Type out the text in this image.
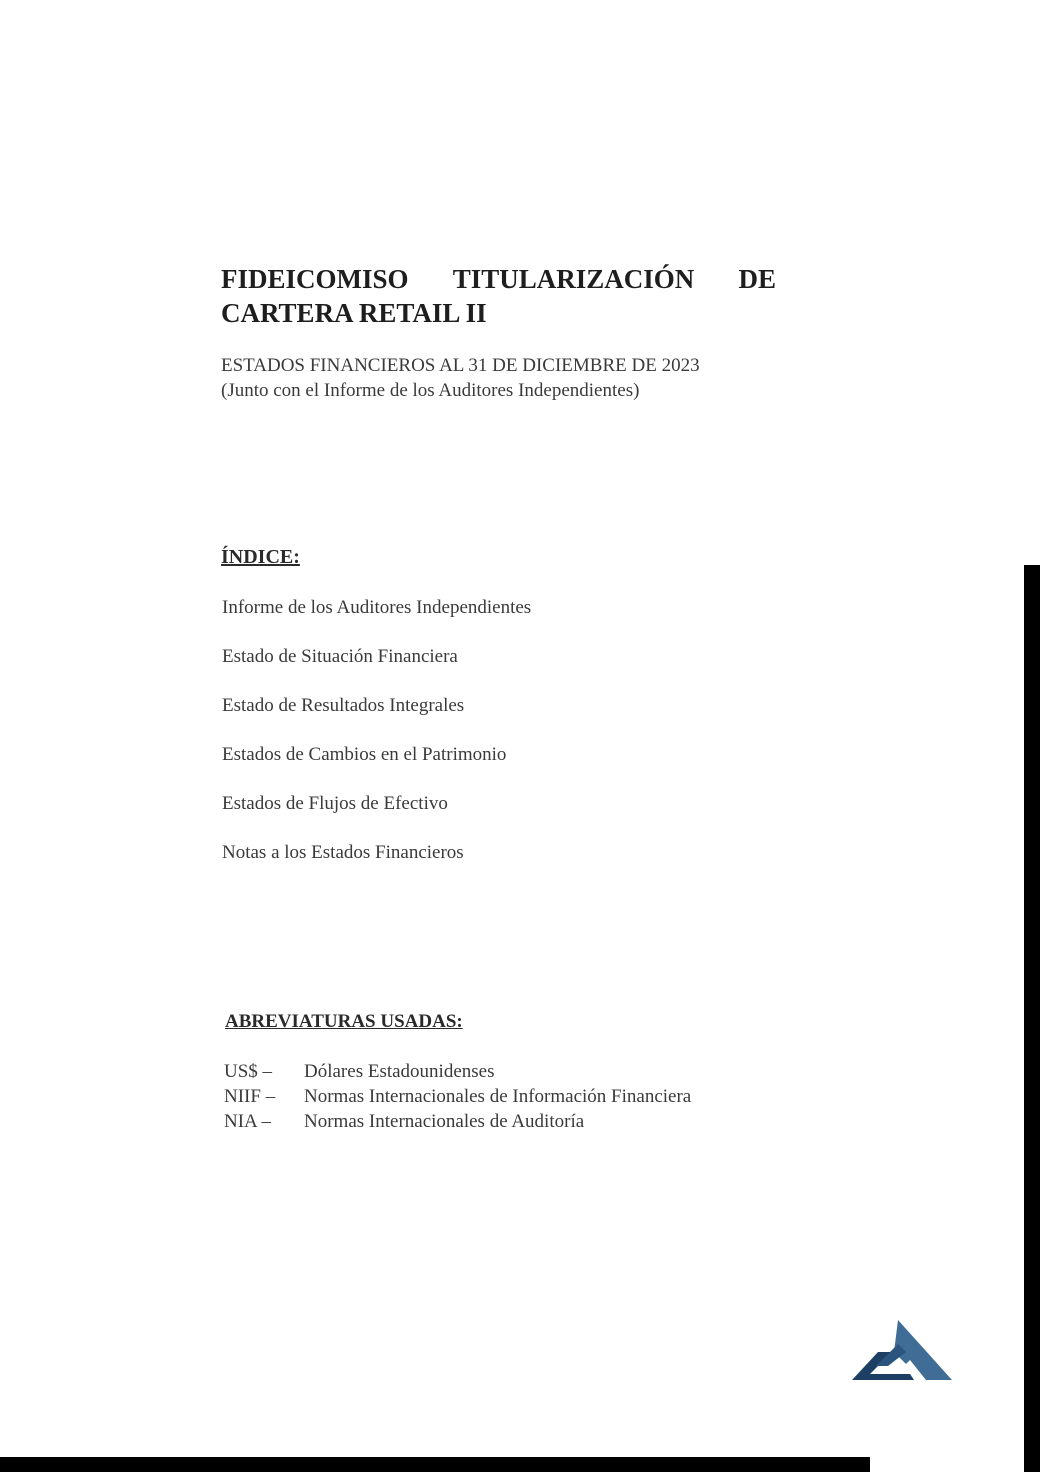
FIDEICOMISO TITULARIZACIÓN DE
CARTERA RETAIL II
ESTADOS FINANCIEROS AL 31 DE DICIEMBRE DE 2023
(Junto con el Informe de los Auditores Independientes)
ÍNDICE:
Informe de los Auditores Independientes
Estado de Situación Financiera
Estado de Resultados Integrales
Estados de Cambios en el Patrimonio
Estados de Flujos de Efectivo
Notas a los Estados Financieros
ABREVIATURAS USADAS:
US$ –	Dólares Estadounidenses
NIIF –	Normas Internacionales de Información Financiera
NIA –	Normas Internacionales de Auditoría
